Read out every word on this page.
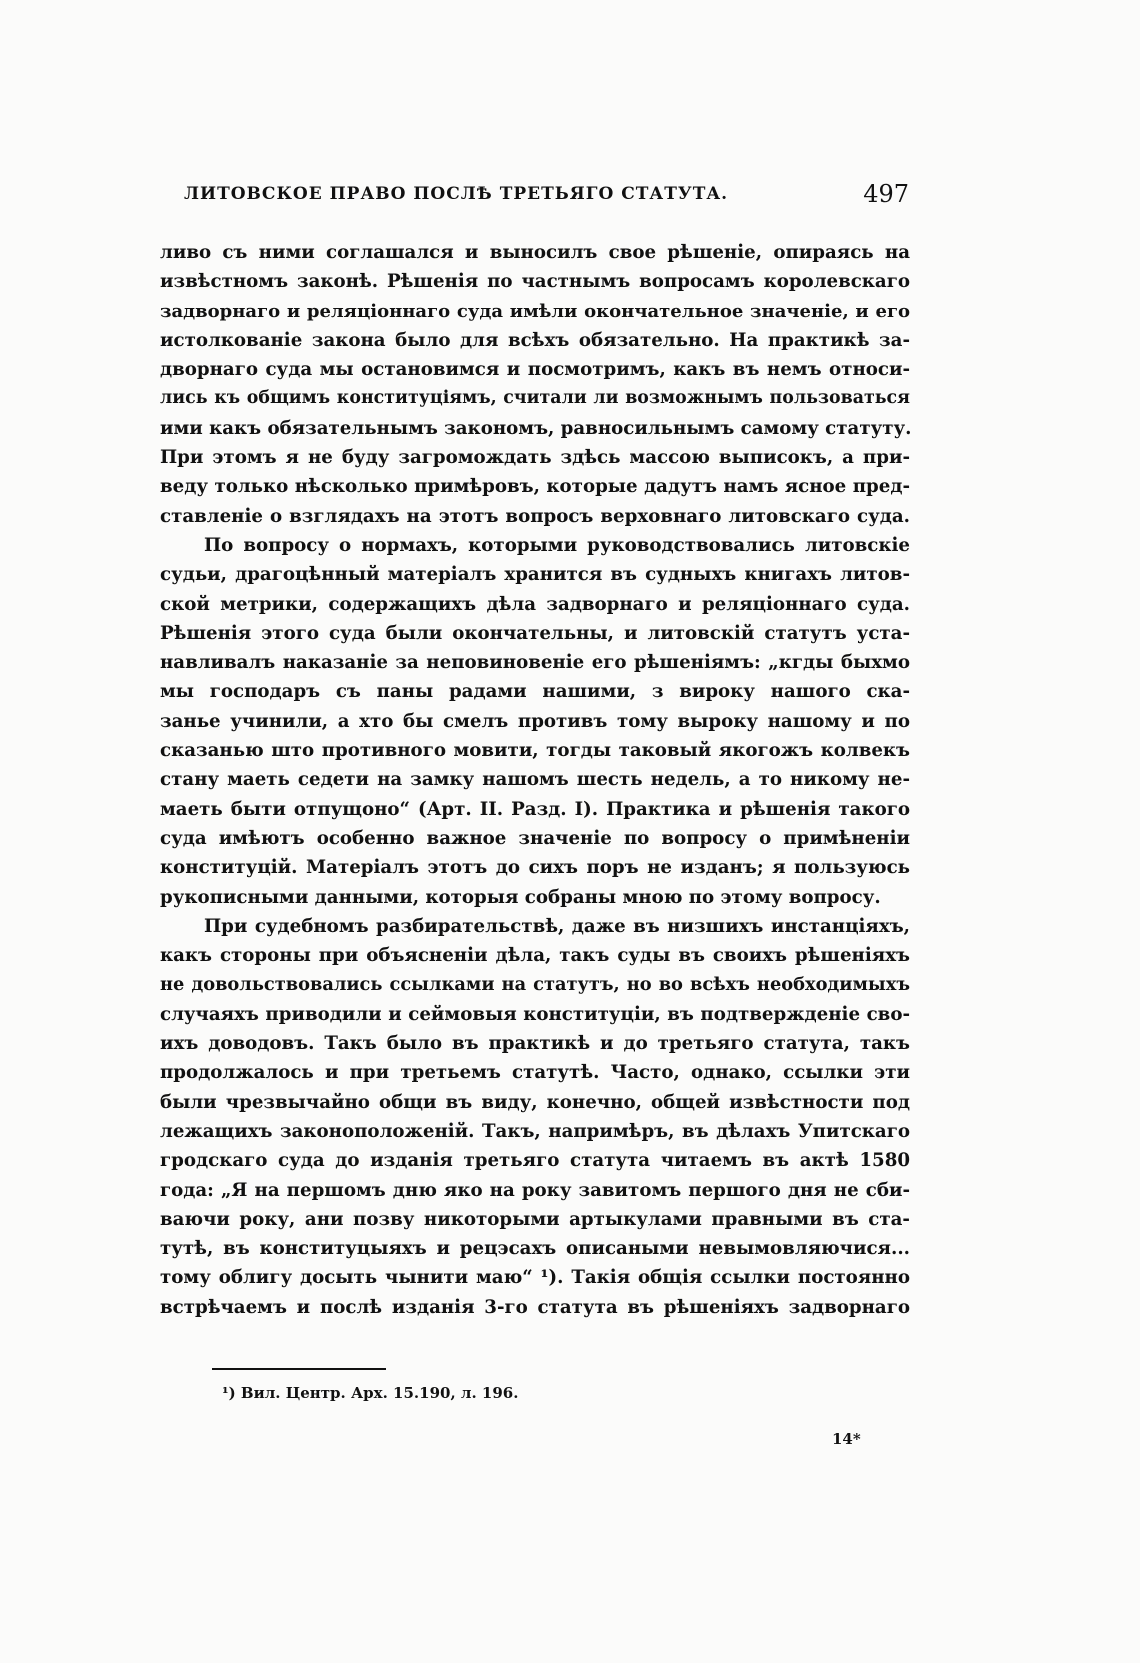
ЛИТОВСКОЕ ПРАВО ПОСЛѢ ТРЕТЬЯГО СТАТУТА.	497
ливо съ ними соглашался и выносилъ свое рѣшеніе, опираясь на
извѣстномъ законѣ. Рѣшенія по частнымъ вопросамъ королевскаго
задворнаго и реляціоннаго суда имѣли окончательное значеніе, и его
истолкованіе закона было для всѣхъ обязательно. На практикѣ за-
дворнаго суда мы остановимся и посмотримъ, какъ въ немъ относи-
лись къ общимъ конституціямъ, считали ли возможнымъ пользоваться
ими какъ обязательнымъ закономъ, равносильнымъ самому статуту.
При этомъ я не буду загромождать здѣсь массою выписокъ, а при-
веду только нѣсколько примѣровъ, которые дадутъ намъ ясное пред-
ставленіе о взглядахъ на этотъ вопросъ верховнаго литовскаго суда.
По вопросу о нормахъ, которыми руководствовались литовскіе
судьи, драгоцѣнный матеріалъ хранится въ судныхъ книгахъ литов-
ской метрики, содержащихъ дѣла задворнаго и реляціоннаго суда.
Рѣшенія этого суда были окончательны, и литовскій статутъ уста-
навливалъ наказаніе за неповиновеніе его рѣшеніямъ: „кгды быхмо
мы господаръ съ паны радами нашими, з вироку нашого ска-
занье учинили, а хто бы смелъ противъ тому выроку нашому и по
сказанью што противного мовити, тогды таковый якогожъ колвекъ
стану маеть седети на замку нашомъ шесть недель, а то никому не-
маеть быти отпущоно“ (Арт. II. Разд. I). Практика и рѣшенія такого
суда имѣютъ особенно важное значеніе по вопросу о примѣненіи
конституцій. Матеріалъ этотъ до сихъ поръ не изданъ; я пользуюсь
рукописными данными, которыя собраны мною по этому вопросу.
При судебномъ разбирательствѣ, даже въ низшихъ инстанціяхъ,
какъ стороны при объясненіи дѣла, такъ суды въ своихъ рѣшеніяхъ
не довольствовались ссылками на статутъ, но во всѣхъ необходимыхъ
случаяхъ приводили и сеймовыя конституціи, въ подтвержденіе сво-
ихъ доводовъ. Такъ было въ практикѣ и до третьяго статута, такъ
продолжалось и при третьемъ статутѣ. Часто, однако, ссылки эти
были чрезвычайно общи въ виду, конечно, общей извѣстности под
лежащихъ законоположеній. Такъ, напримѣръ, въ дѣлахъ Упитскаго
гродскаго суда до изданія третьяго статута читаемъ въ актѣ 1580
года: „Я на першомъ дню яко на року завитомъ першого дня не сби-
ваючи року, ани позву никоторыми артыкулами правными въ ста-
тутѣ, въ конституцыяхъ и рецэсахъ описаными невымовляючися...
тому облигу досыть чынити маю“ ¹). Такія общія ссылки постоянно
встрѣчаемъ и послѣ изданія 3-го статута въ рѣшеніяхъ задворнаго
¹) Вил. Центр. Арх. 15.190, л. 196.
14*
